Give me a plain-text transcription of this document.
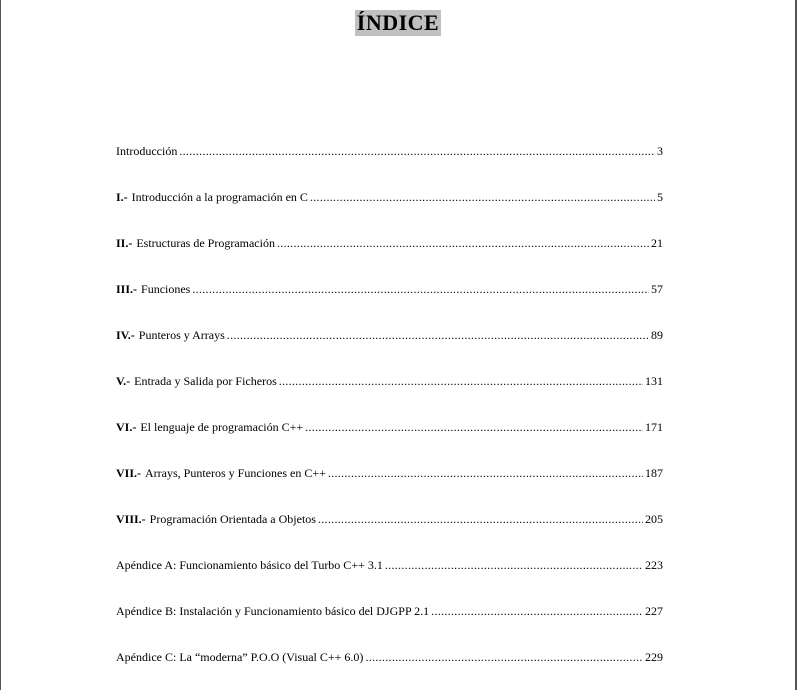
ÍNDICE
Introducción .....	3
I.- Introducción a la programación en C .....	5
II.- Estructuras de Programación .....	21
III.- Funciones .....	57
IV.- Punteros y Arrays .....	89
V.- Entrada y Salida por Ficheros .....	131
VI.- El lenguaje de programación C++ .....	171
VII.- Arrays, Punteros y Funciones en C++ .....	187
VIII.- Programación Orientada a Objetos .....	205
Apéndice A: Funcionamiento básico del Turbo C++ 3.1 .....	223
Apéndice B: Instalación y Funcionamiento básico del DJGPP 2.1 .....	227
Apéndice C: La “moderna” P.O.O (Visual C++ 6.0) .....	229
